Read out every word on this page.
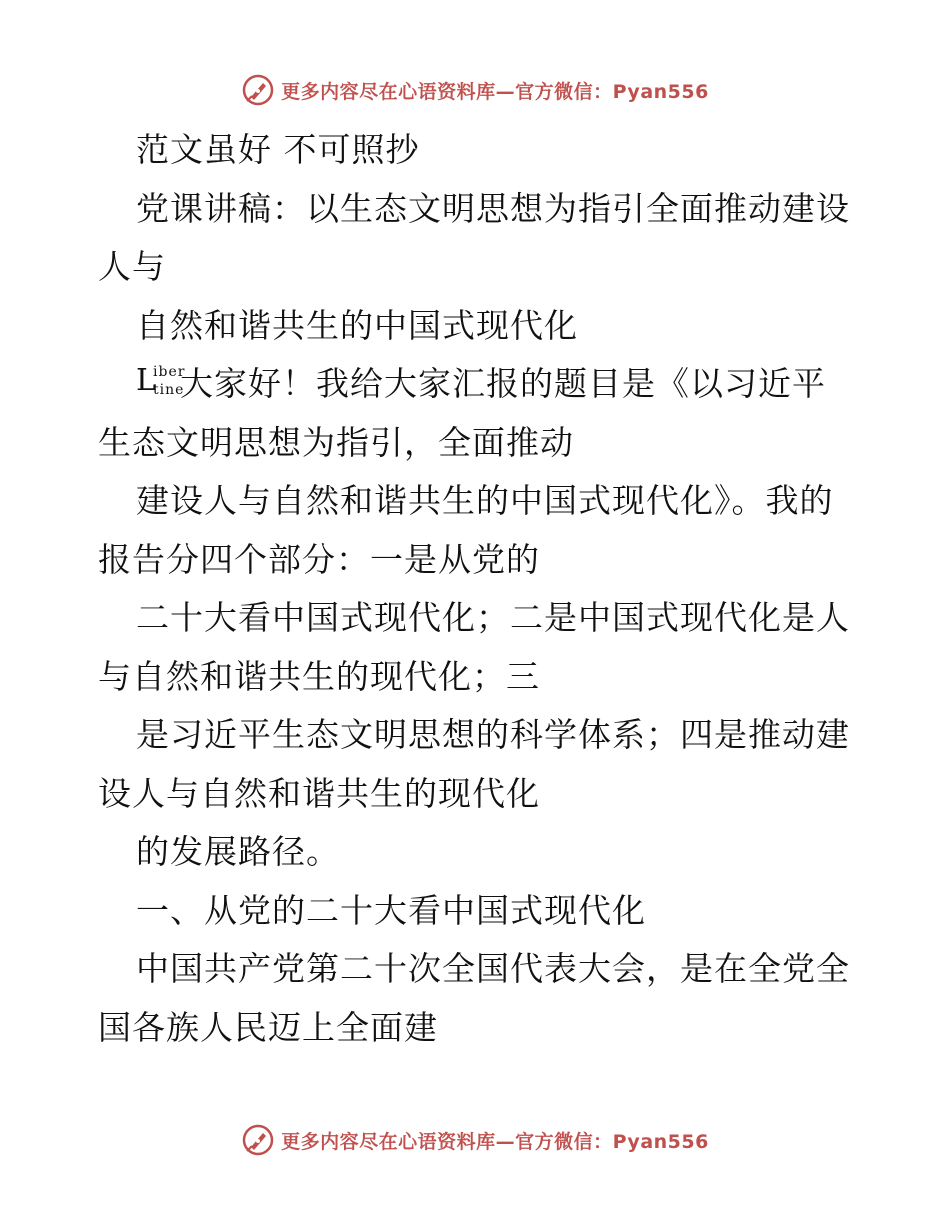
更多内容尽在心语资料库—官方微信：Pyan556
范文虽好 不可照抄
党课讲稿：以生态文明思想为指引全面推动建设
人与
自然和谐共生的中国式现代化
L
iber
tine
大家好！我给大家汇报的题目是《以习近平
生态文明思想为指引，全面推动
建设人与自然和谐共生的中国式现代化》。我的
报告分四个部分：一是从党的
二十大看中国式现代化；二是中国式现代化是人
与自然和谐共生的现代化；三
是习近平生态文明思想的科学体系；四是推动建
设人与自然和谐共生的现代化
的发展路径。
一、从党的二十大看中国式现代化
中国共产党第二十次全国代表大会，是在全党全
国各族人民迈上全面建
更多内容尽在心语资料库—官方微信：Pyan556
